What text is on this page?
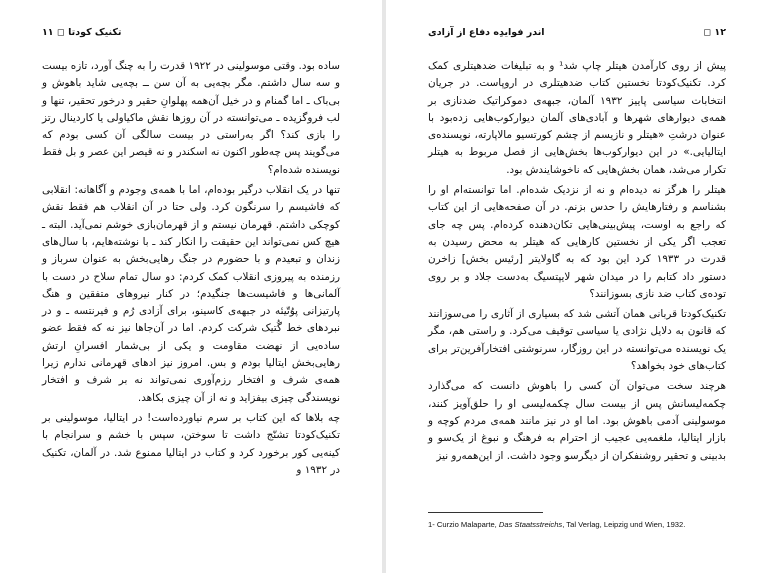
تکنیک کودتا ◻ ۱۱

ساده بود. وقتی موسولینی در ۱۹۲۲ قدرت را به چنگ آورد، تازه بیست و سه سال داشتم. مگر بچه‌یی به آن سن ــ بچه‌یی شاید باهوش و بی‌باک ـ اما گمنام و در خیل آن‌همه پهلوانِ حقیر و درخور تحقیر، تنها و لب فروگزیده ـ می‌توانسته در آن روزها نقش ماکیاولی یا کاردینال رتز را بازی کند؟ اگر به‌راستی در بیست سالگی آن کسی بودم که می‌گویند پس چه‌طور اکنون نه اسکندر و نه قیصر این عصر و بل فقط نویسنده شده‌ام؟

تنها در یک انقلاب درگیر بوده‌ام، اما با همه‌ی وجودم و آگاهانه: انقلابی که فاشیسم را سرنگون کرد. ولی حتا در آن انقلاب هم فقط نقش کوچکی داشتم. قهرمان نیستم و از قهرمان‌بازی خوشم نمی‌آید. البته ـ هیچ کس نمی‌تواند این حقیقت را انکار کند ـ با نوشته‌هایم، با سال‌های زندان و تبعیدم و با حضورم در جنگ رهایی‌بخش به عنوان سرباز و رزمنده به پیروزی انقلاب کمک کردم: دو سال تمام سلاح در دست با آلمانی‌ها و فاشیست‌ها جنگیدم؛ در کنار نیروهای متفقین و هنگ پارتیزانی پوُتّیئه در جبهه‌ی کاسینو، برای آزادی رُم و فیرنتسه ـ و در نبردهای خط گُتیک شرکت کردم. اما در آن‌جاها نیز نه که فقط عضو ساده‌یی از نهضت مقاومت و یکی از بی‌شمار افسرانِ ارتش رهایی‌بخش ایتالیا بودم و بس. امروز نیز ادهای قهرمانی ندارم زیرا همه‌ی شرف و افتخار رزم‌آوری نمی‌تواند نه بر شرف و افتخار نویسندگی چیزی بیفزاید و نه از آن چیزی بکاهد.

چه بلاها که این کتاب بر سرم نیاورده‌است! در ایتالیا، موسولینی بر تکنیک‌کودتا تشنّج داشت تا سوختن، سپس با خشم و سرانجام با کینه‌یی کور برخورد کرد و کتاب در ایتالیا ممنوع شد. در آلمان، تکنیک در ۱۹۳۲ و

۱۲ ◻
اندر فوایدِه دفاع از آزادی

پیش از روی کارآمدن هیتلر چاپ شد¹ و به تبلیغات ضدهیتلری کمک کرد. تکنیک‌کودتا نخستین کتاب ضدهیتلری در اروپاست. در جریان انتخابات سیاسی پاییز ۱۹۳۲ آلمان، جبهه‌ی دموکراتیک ضدنازی بر همه‌ی دیوارهای شهرها و آبادی‌های آلمان دیوارکوب‌هایی زده‌بود با عنوان درشتِ «هیتلر و نازیسم از چشم کورتسیو مالاپارته، نویسنده‌ی ایتالیایی.» در این دیوارکوب‌ها بخش‌هایی از فصل مربوط به هیتلر تکرار می‌شد، همان بخش‌هایی که ناخوشایندش بود.

هیتلر را هرگز نه دیده‌ام و نه از نزدیک شده‌ام. اما توانسته‌ام او را بشناسم و رفتارهایش را حدس بزنم. در آن صفحه‌هایی از این کتاب که راجع به اوست، پیش‌بینی‌هایی تکان‌دهنده کرده‌ام. پس چه جای تعجب اگر یکی از نخستین کارهایی که هیتلر به محض رسیدن به قدرت در ۱۹۳۳ کرد این بود که به گاولایتر [رئیس بخش] زاخرن دستور داد کتابم را در میدان شهر لایپتسیگ به‌دست جلاد و بر روی توده‌ی کتاب ضد نازی بسوزانند؟

تکنیک‌کودتا قربانی همان آتشی شد که بسیاری از آثاری را می‌سوزانند که قانون به دلایل نژادی یا سیاسی توقیف می‌کرد. و راستی هم، مگر یک نویسنده می‌توانسته در این روزگار، سرنوشتی افتخارآفرین‌تر برای کتاب‌های خود بخواهد؟

هرچند سخت می‌توان آن کسی را باهوش دانست که می‌گذارد چکمه‌لیسانش پس از بیست سال چکمه‌لیسی او را حلق‌آویز کنند، موسولینی آدمی باهوش بود. اما او در نیز مانند همه‌ی مردم کوچه و بازار ایتالیا، ملغمه‌یی عجیب از احترام به فرهنگ و نبوغ از یک‌سو و بدبینی و تحقیر روشنفکران از دیگرسو وجود داشت. از این‌همه‌رو نیز

1- Curzio Malaparte, Das Staatsstreichs, Tal Verlag, Leipzig und Wien, 1932.
